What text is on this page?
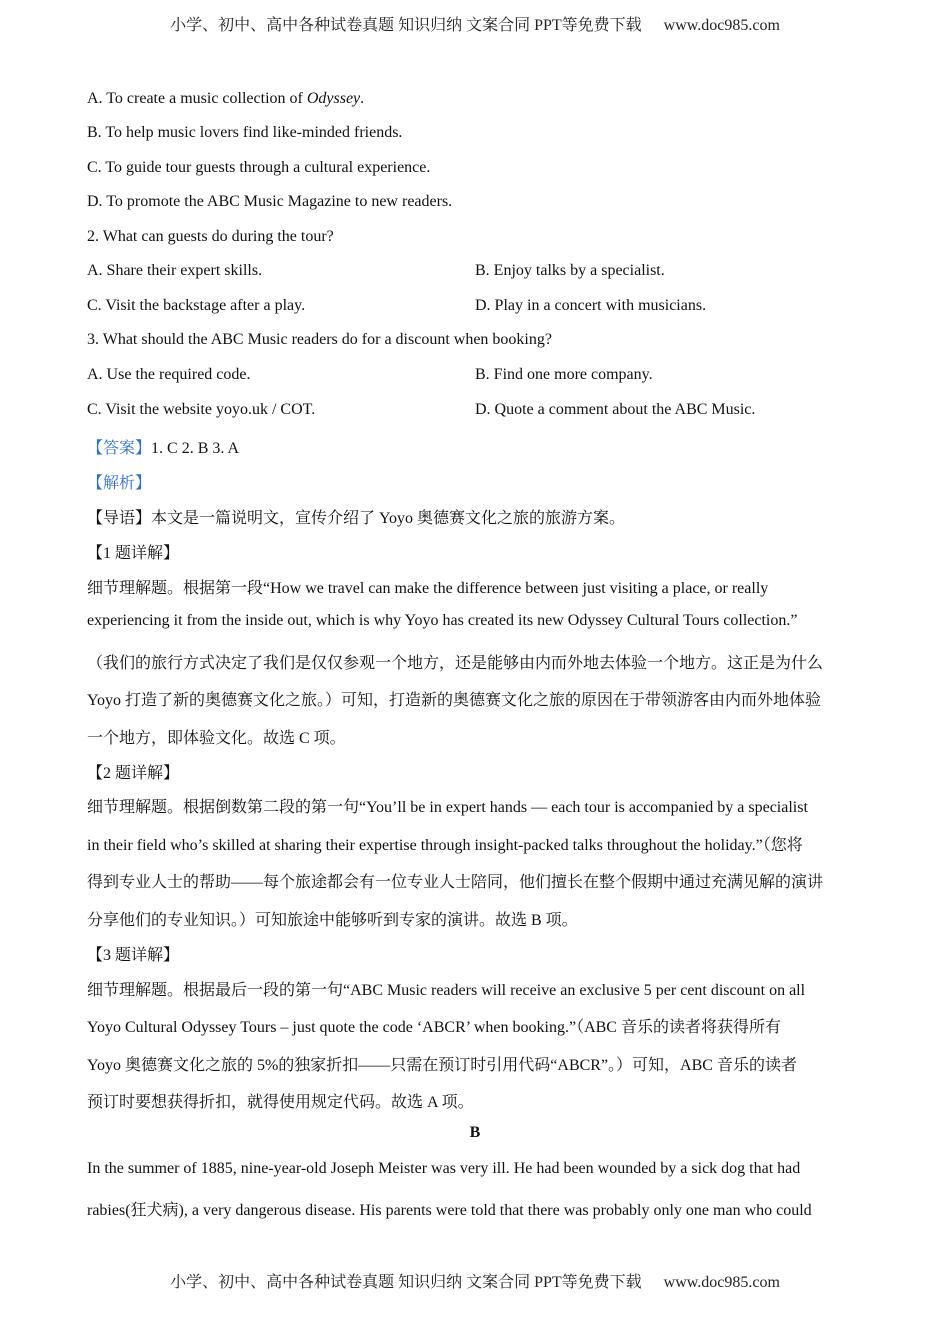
小学、初中、高中各种试卷真题 知识归纳 文案合同 PPT等免费下载 www.doc985.com
A. To create a music collection of Odyssey.
B. To help music lovers find like-minded friends.
C. To guide tour guests through a cultural experience.
D. To promote the ABC Music Magazine to new readers.
2. What can guests do during the tour?
A. Share their expert skills.	B. Enjoy talks by a specialist.
C. Visit the backstage after a play.	D. Play in a concert with musicians.
3. What should the ABC Music readers do for a discount when booking?
A. Use the required code.	B. Find one more company.
C. Visit the website yoyo.uk / COT.	D. Quote a comment about the ABC Music.
【答案】1. C 2. B 3. A
【解析】
【导语】本文是一篇说明文，宣传介绍了 Yoyo 奥德赛文化之旅的旅游方案。
【1 题详解】
细节理解题。根据第一段“How we travel can make the difference between just visiting a place, or really
experiencing it from the inside out, which is why Yoyo has created its new Odyssey Cultural Tours collection.”
（我们的旅行方式决定了我们是仅仅参观一个地方，还是能够由内而外地去体验一个地方。这正是为什么
Yoyo 打造了新的奥德赛文化之旅。）可知，打造新的奥德赛文化之旅的原因在于带领游客由内而外地体验
一个地方，即体验文化。故选 C 项。
【2 题详解】
细节理解题。根据倒数第二段的第一句“You’ll be in expert hands — each tour is accompanied by a specialist
in their field who’s skilled at sharing their expertise through insight-packed talks throughout the holiday.”（您将
得到专业人士的帮助——每个旅途都会有一位专业人士陪同，他们擅长在整个假期中通过充满见解的演讲
分享他们的专业知识。）可知旅途中能够听到专家的演讲。故选 B 项。
【3 题详解】
细节理解题。根据最后一段的第一句“ABC Music readers will receive an exclusive 5 per cent discount on all
Yoyo Cultural Odyssey Tours – just quote the code ‘ABCR’ when booking.”（ABC 音乐的读者将获得所有
Yoyo 奥德赛文化之旅的 5%的独家折扣——只需在预订时引用代码“ABCR”。）可知，ABC 音乐的读者
预订时要想获得折扣，就得使用规定代码。故选 A 项。
B
In the summer of 1885, nine-year-old Joseph Meister was very ill. He had been wounded by a sick dog that had
rabies(狂犬病), a very dangerous disease. His parents were told that there was probably only one man who could
小学、初中、高中各种试卷真题 知识归纳 文案合同 PPT等免费下载 www.doc985.com
